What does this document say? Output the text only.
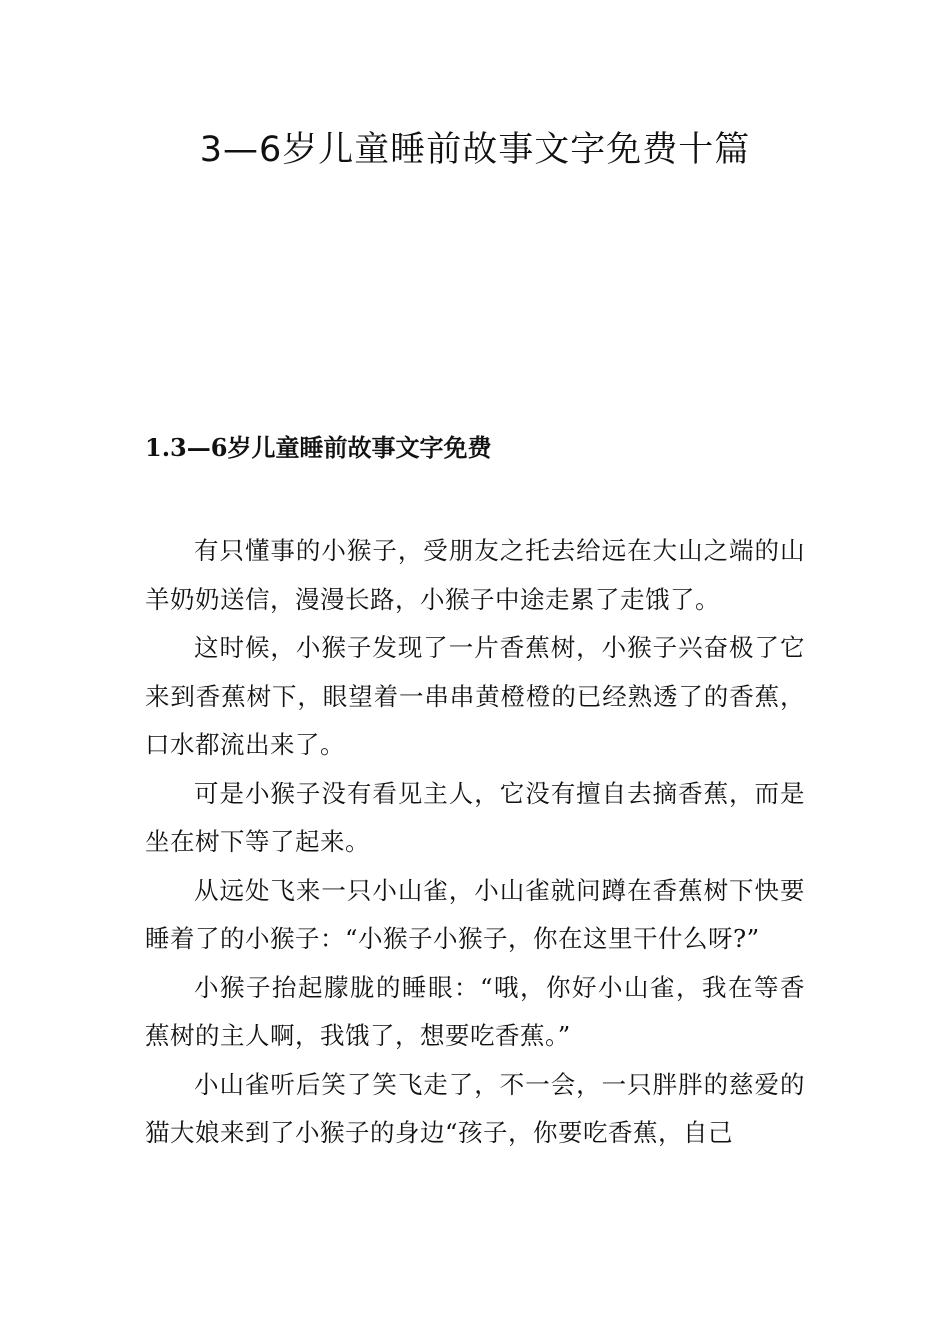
3—6岁儿童睡前故事文字免费十篇
1.3—6岁儿童睡前故事文字免费

有只懂事的小猴子，受朋友之托去给远在大山之端的山羊奶奶送信，漫漫长路，小猴子中途走累了走饿了。

这时候，小猴子发现了一片香蕉树，小猴子兴奋极了它来到香蕉树下，眼望着一串串黄橙橙的已经熟透了的香蕉，口水都流出来了。

可是小猴子没有看见主人，它没有擅自去摘香蕉，而是坐在树下等了起来。

从远处飞来一只小山雀，小山雀就问蹲在香蕉树下快要睡着了的小猴子：“小猴子小猴子，你在这里干什么呀?”

小猴子抬起朦胧的睡眼：“哦，你好小山雀，我在等香蕉树的主人啊，我饿了，想要吃香蕉。”

小山雀听后笑了笑飞走了，不一会，一只胖胖的慈爱的猫大娘来到了小猴子的身边“孩子，你要吃香蕉，自己
